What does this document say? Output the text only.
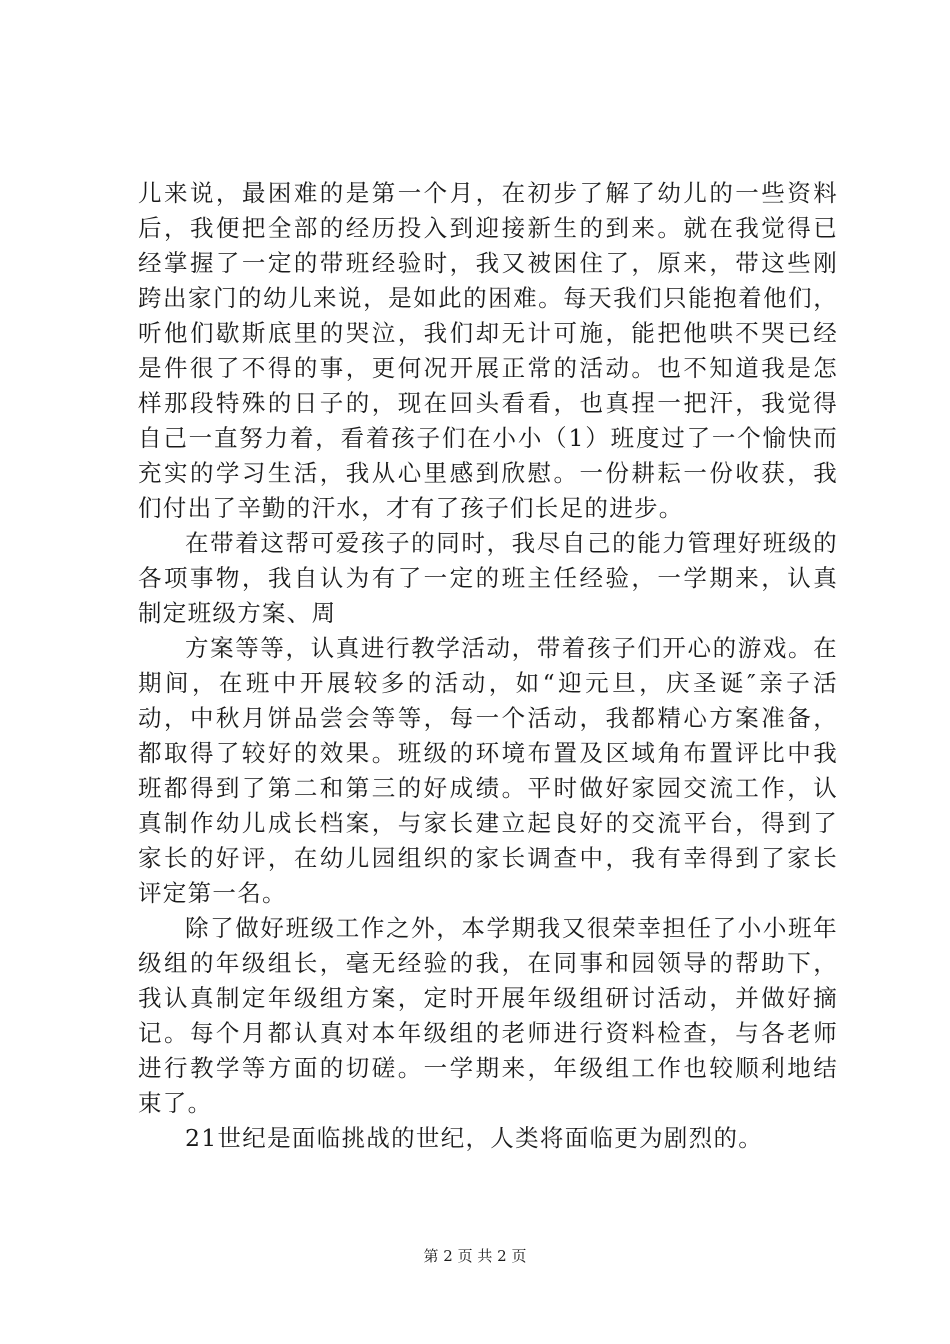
儿来说，最困难的是第一个月，在初步了解了幼儿的一些资料
后，我便把全部的经历投入到迎接新生的到来。就在我觉得已
经掌握了一定的带班经验时，我又被困住了，原来，带这些刚
跨出家门的幼儿来说，是如此的困难。每天我们只能抱着他们，
听他们歇斯底里的哭泣，我们却无计可施，能把他哄不哭已经
是件很了不得的事，更何况开展正常的活动。也不知道我是怎
样那段特殊的日子的，现在回头看看，也真捏一把汗，我觉得
自己一直努力着，看着孩子们在小小（1）班度过了一个愉快而
充实的学习生活，我从心里感到欣慰。一份耕耘一份收获，我
们付出了辛勤的汗水，才有了孩子们长足的进步。
在带着这帮可爱孩子的同时，我尽自己的能力管理好班级的
各项事物，我自认为有了一定的班主任经验，一学期来，认真
制定班级方案、周
方案等等，认真进行教学活动，带着孩子们开心的游戏。在
期间，在班中开展较多的活动，如“迎元旦，庆圣诞″亲子活
动，中秋月饼品尝会等等，每一个活动，我都精心方案准备，
都取得了较好的效果。班级的环境布置及区域角布置评比中我
班都得到了第二和第三的好成绩。平时做好家园交流工作，认
真制作幼儿成长档案，与家长建立起良好的交流平台，得到了
家长的好评，在幼儿园组织的家长调查中，我有幸得到了家长
评定第一名。
除了做好班级工作之外，本学期我又很荣幸担任了小小班年
级组的年级组长，毫无经验的我，在同事和园领导的帮助下，
我认真制定年级组方案，定时开展年级组研讨活动，并做好摘
记。每个月都认真对本年级组的老师进行资料检查，与各老师
进行教学等方面的切磋。一学期来，年级组工作也较顺利地结
束了。
21世纪是面临挑战的世纪，人类将面临更为剧烈的。
第 2 页 共 2 页
